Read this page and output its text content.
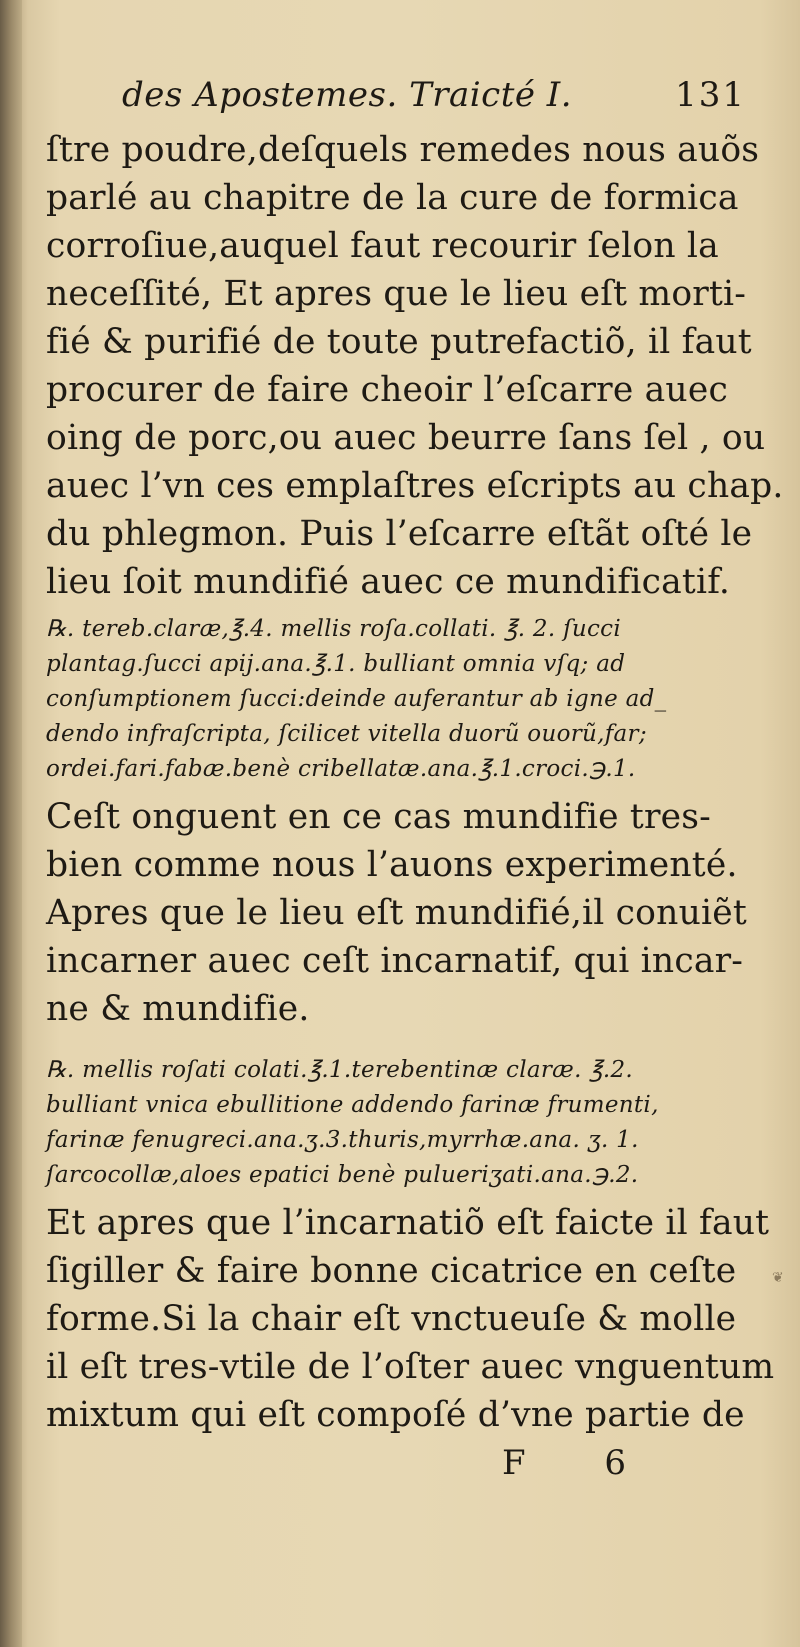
des Apostemes. Traicté I.	131
ſtre poudre,deſquels remedes nous auõs
parlé au chapitre de la cure de formica
corroſiue,auquel faut recourir ſelon la
neceſſité, Et apres que le lieu eſt morti-
fié & purifié de toute putrefactiõ, il faut
procurer de faire cheoir l’eſcarre auec
oing de porc,ou auec beurre ſans ſel , ou
auec l’vn ces emplaſtres eſcripts au chap.
du phlegmon. Puis l’eſcarre eſtãt oſté le
lieu ſoit mundifié auec ce mundificatif.
℞. tereb.claræ,℥.4. mellis roſa.collati. ℥. 2. ſucci
plantag.ſucci apij.ana.℥.1. bulliant omnia vſq; ad
conſumptionem ſucci:deinde auferantur ab igne ad_
dendo infraſcripta, ſcilicet vitella duorũ ouorũ,far;
ordei.fari.fabæ.benè cribellatæ.ana.℥.1.croci.℈.1.
Ceſt onguent en ce cas mundifie tres-
bien comme nous l’auons experimenté.
Apres que le lieu eſt mundifié,il conuiẽt
incarner auec ceſt incarnatif, qui incar-
ne & mundifie.
℞. mellis roſati colati.℥.1.terebentinæ claræ. ℥.2.
bulliant vnica ebullitione addendo farinæ frumenti,
farinæ fenugreci.ana.ʒ.3.thuris,myrrhæ.ana. ʒ. 1.
ſarcocollæ,aloes epatici benè pulueriʒati.ana.℈.2.
Et apres que l’incarnatiõ eſt faicte il faut
ſigiller & faire bonne cicatrice en ceſte
forme.Si la chair eſt vnctueuſe & molle
il eſt tres-vtile de l’oſter auec vnguentum
mixtum qui eſt compoſé d’vne partie de
F 6
❦
